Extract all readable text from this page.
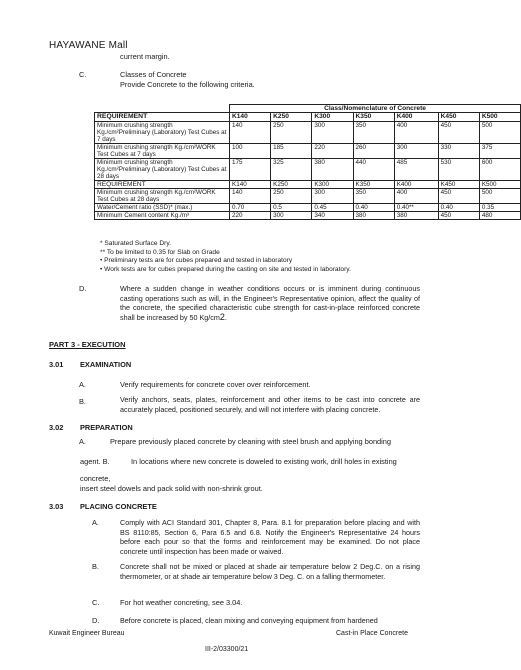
HAYAWANE Mall
current margin.
C.	Classes of Concrete
Provide Concrete to the following criteria.
	Class/Nomenclature of Concrete						
REQUIREMENT	K140	K250	K300	K350	K400	K450	K500
Minimum crushing strength Kg./cm²Preliminary (Laboratory) Test Cubes at 7 days	140	250	300	350	400	450	500
Minimum crushing strength Kg./cm²WORK Test Cubes at 7 days	100	185	220	260	300	330	375
Minimum crushing strength Kg./cm²Preliminary (Laboratory) Test Cubes at 28 days	175	325	380	440	485	530	600
REQUIREMENT	K140	K250	K300	K350	K400	K450	K500
Minimum crushing strength Kg./cm²WORK Test Cubes at 28 days	140	250	300	350	400	450	500
Water/Cement ratio (SSD)* (max.)	0.70	0.5	0.45	0.40	0.40**	0.40	0.35
Minimum Cement content Kg./m³	220	300	340	380	380	450	480
* Saturated Surface Dry.
** To be limited to 0.35 for Slab on Grade
• Preliminary tests are for cubes prepared and tested in laboratory
• Work tests are for cubes prepared during the casting on site and tested in laboratory.
D.	Where a sudden change in weather conditions occurs or is imminent during continuous casting operations such as will, in the Engineer's Representative opinion, affect the quality of the concrete, the specified characteristic cube strength for cast-in-place reinforced concrete shall be increased by 50 Kg/cm2.
PART 3 - EXECUTION
3.01 EXAMINATION
A.	Verify requirements for concrete cover over reinforcement.
B.	Verify anchors, seats, plates, reinforcement and other items to be cast into concrete are accurately placed, positioned securely, and will not interfere with placing concrete.
3.02 PREPARATION
A.	Prepare previously placed concrete by cleaning with steel brush and applying bonding
agent. B.	In locations where new concrete is doweled to existing work, drill holes in existing
concrete,
insert steel dowels and pack solid with non-shrink grout.
3.03 PLACING CONCRETE
A.	Comply with ACI Standard 301, Chapter 8, Para. 8.1 for preparation before placing and with BS 8110:85, Section 6, Para 6.5 and 6.8. Notify the Engineer's Representative 24 hours before each pour so that the forms and reinforcement may be examined. Do not place concrete until inspection has been made or waived.
B.	Concrete shall not be mixed or placed at shade air temperature below 2 Deg.C. on a rising thermometer, or at shade air temperature below 3 Deg. C. on a falling thermometer.
C.	For hot weather concreting, see 3.04.
D.	Before concrete is placed, clean mixing and conveying equipment from hardened
Kuwait Engineer Bureau	Cast-in Place Concrete
III-2/03300/21
